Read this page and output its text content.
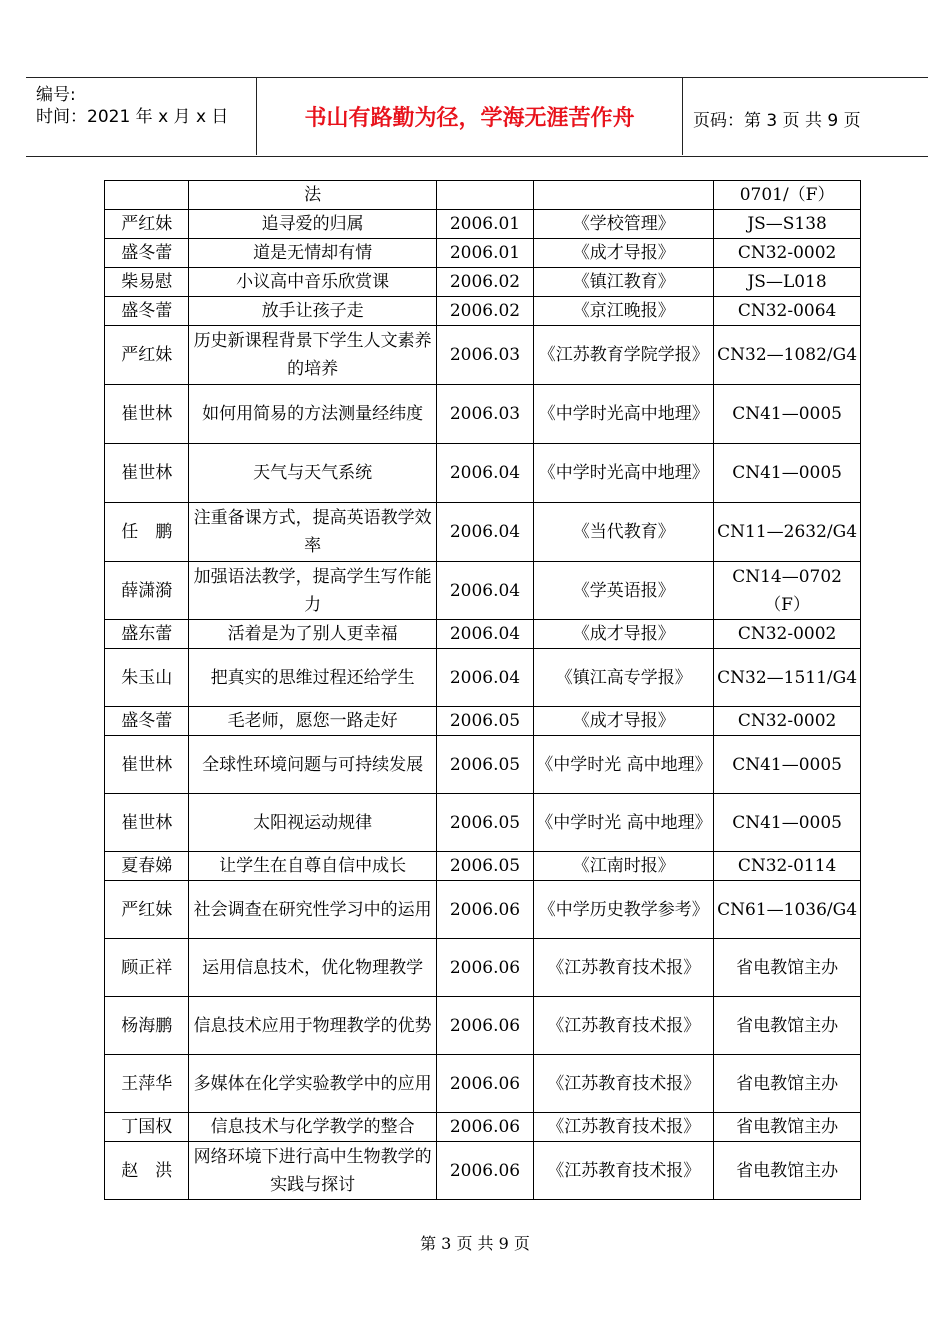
编号:
时间：2021 年 x 月 x 日	书山有路勤为径，学海无涯苦作舟	页码：第 3 页 共 9 页
	法			0701/（F）
严红妹	追寻爱的归属	2006.01	《学校管理》	JS—S138
盛冬蕾	道是无情却有情	2006.01	《成才导报》	CN32-0002
柴易慰	小议高中音乐欣赏课	2006.02	《镇江教育》	JS—L018
盛冬蕾	放手让孩子走	2006.02	《京江晚报》	CN32-0064
严红妹	历史新课程背景下学生人文素养的培养	2006.03	《江苏教育学院学报》	CN32—1082/G4
崔世林	如何用简易的方法测量经纬度	2006.03	《中学时光高中地理》	CN41—0005
崔世林	天气与天气系统	2006.04	《中学时光高中地理》	CN41—0005
任　鹏	注重备课方式，提高英语教学效率	2006.04	《当代教育》	CN11—2632/G4
薛潇漪	加强语法教学，提高学生写作能力	2006.04	《学英语报》	CN14—0702（F）
盛东蕾	活着是为了别人更幸福	2006.04	《成才导报》	CN32-0002
朱玉山	把真实的思维过程还给学生	2006.04	《镇江高专学报》	CN32—1511/G4
盛冬蕾	毛老师，愿您一路走好	2006.05	《成才导报》	CN32-0002
崔世林	全球性环境问题与可持续发展	2006.05	《中学时光 高中地理》	CN41—0005
崔世林	太阳视运动规律	2006.05	《中学时光 高中地理》	CN41—0005
夏春娣	让学生在自尊自信中成长	2006.05	《江南时报》	CN32-0114
严红妹	社会调查在研究性学习中的运用	2006.06	《中学历史教学参考》	CN61—1036/G4
顾正祥	运用信息技术，优化物理教学	2006.06	《江苏教育技术报》	省电教馆主办
杨海鹏	信息技术应用于物理教学的优势	2006.06	《江苏教育技术报》	省电教馆主办
王萍华	多媒体在化学实验教学中的应用	2006.06	《江苏教育技术报》	省电教馆主办
丁国权	信息技术与化学教学的整合	2006.06	《江苏教育技术报》	省电教馆主办
赵　洪	网络环境下进行高中生物教学的实践与探讨	2006.06	《江苏教育技术报》	省电教馆主办
第 3 页 共 9 页
